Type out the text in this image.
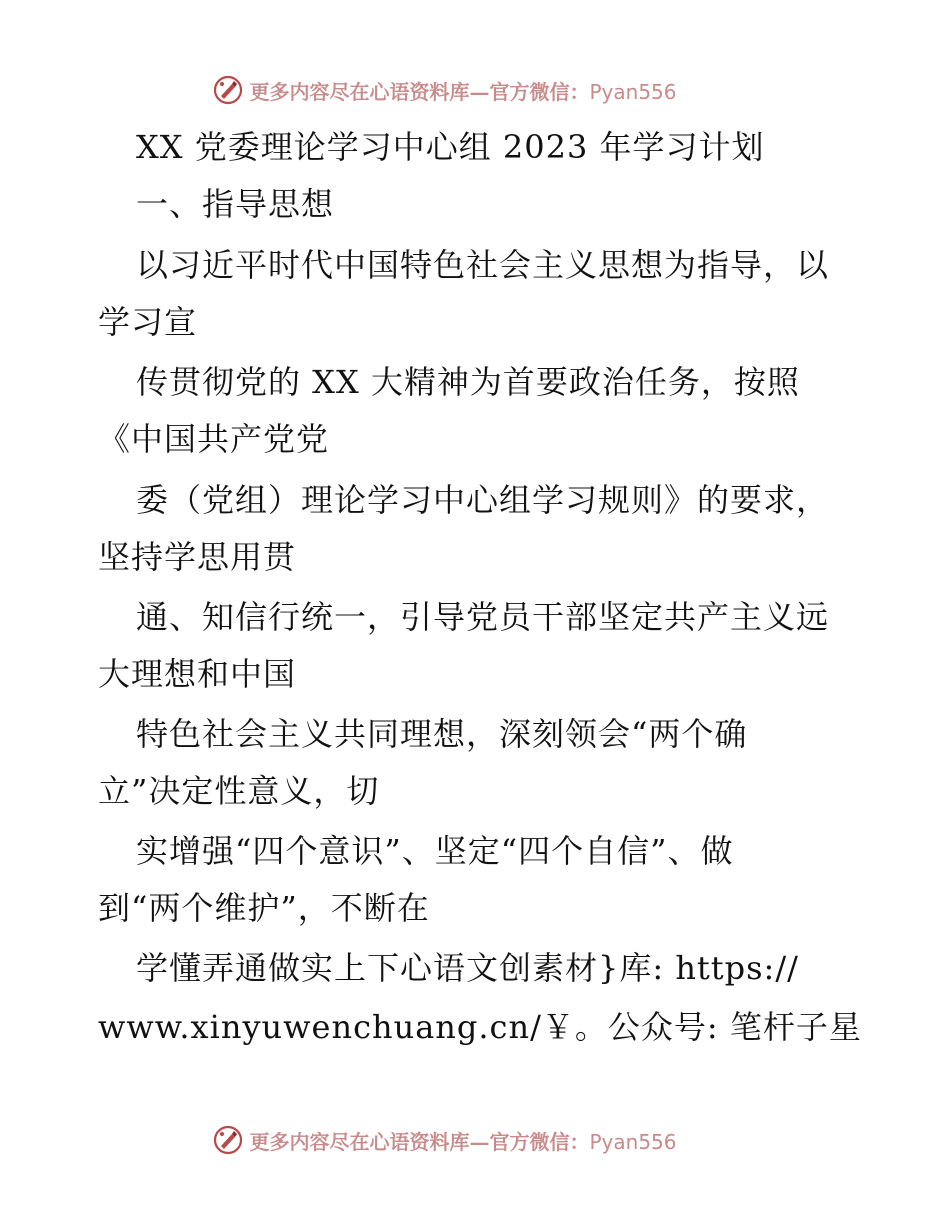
更多内容尽在心语资料库—官方微信：Pyan556
XX 党委理论学习中心组 2023 年学习计划
一、指导思想
以习近平时代中国特色社会主义思想为指导，以
学习宣
传贯彻党的 XX 大精神为首要政治任务，按照
《中国共产党党
委（党组）理论学习中心组学习规则》的要求，
坚持学思用贯
通、知信行统一，引导党员干部坚定共产主义远
大理想和中国
特色社会主义共同理想，深刻领会“两个确
立”决定性意义，切
实增强“四个意识”、坚定“四个自信”、做
到“两个维护”，不断在
学懂弄通做实上下心语文创素材}库: https://
www.xinyuwenchuang.cn/￥。公众号: 笔杆子星
更多内容尽在心语资料库—官方微信：Pyan556
